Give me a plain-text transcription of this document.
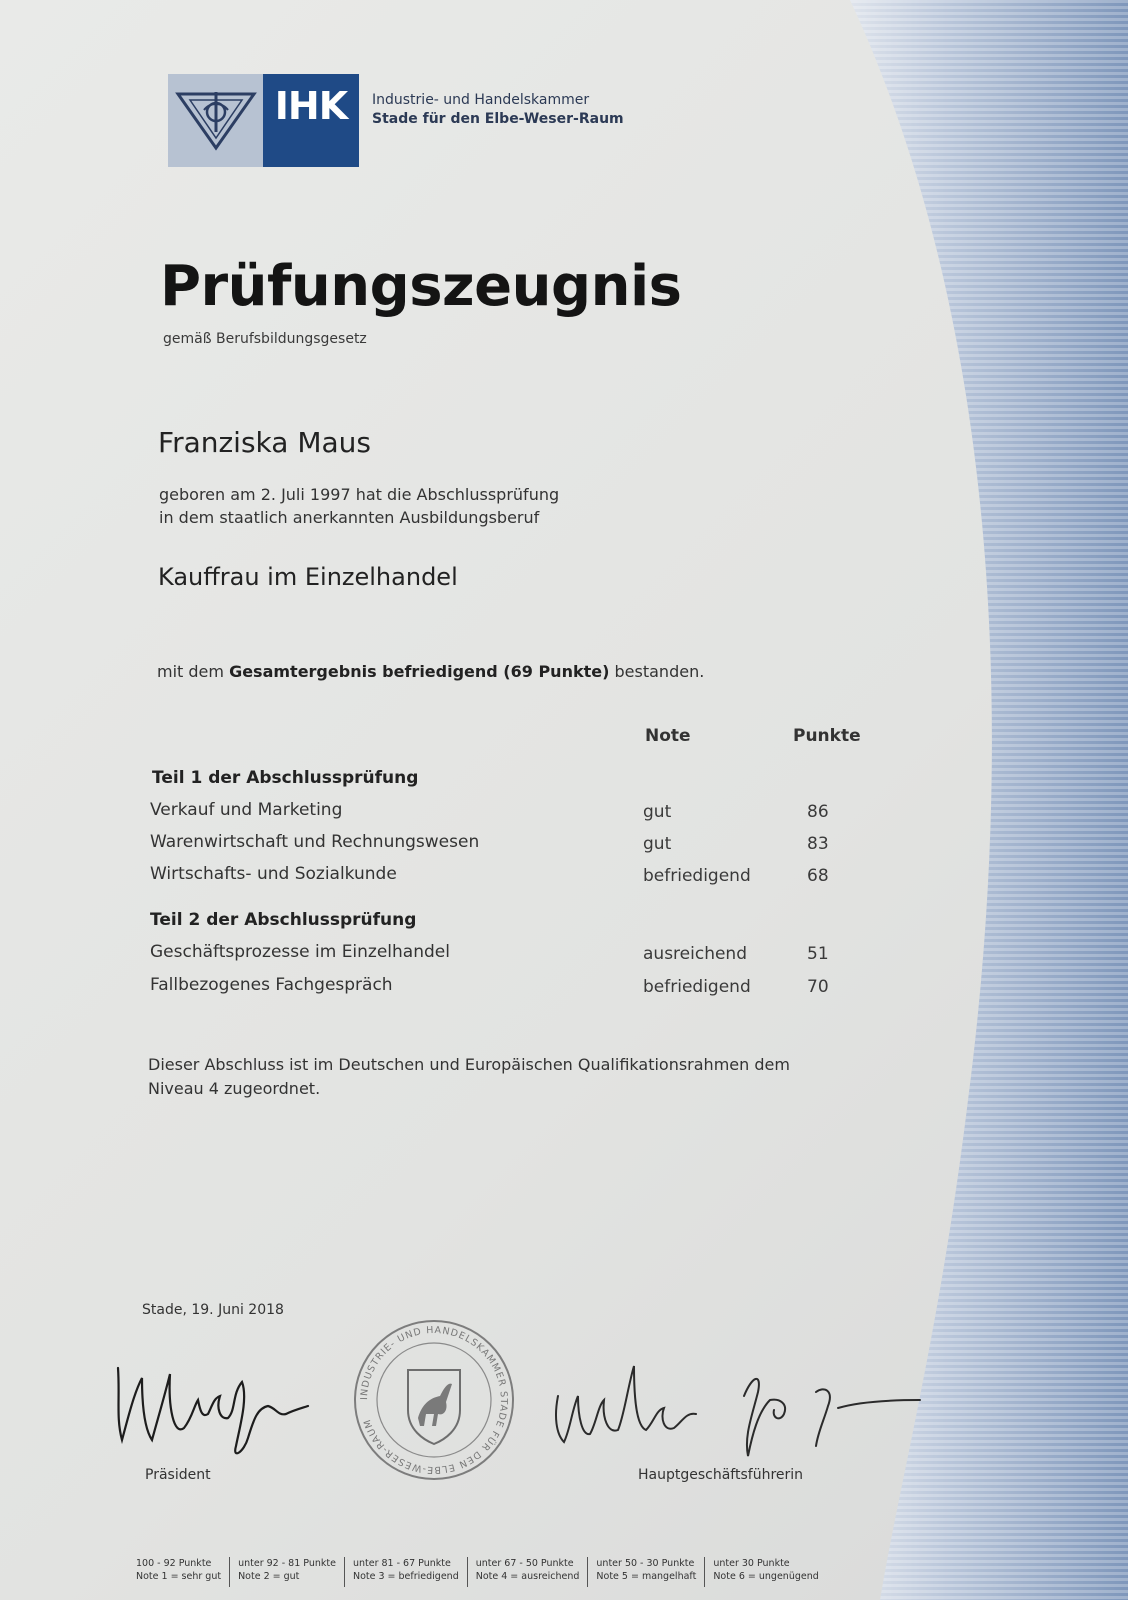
IHK	Industrie- und Handelskammer
Stade für den Elbe-Weser-Raum
Prüfungszeugnis
gemäß Berufsbildungsgesetz
Franziska Maus
geboren am 2. Juli 1997 hat die Abschlussprüfung
in dem staatlich anerkannten Ausbildungsberuf
Kauffrau im Einzelhandel
mit dem Gesamtergebnis befriedigend (69 Punkte) bestanden.
Note	Punkte
Teil 1 der Abschlussprüfung
Verkauf und Marketing	gut	86
Warenwirtschaft und Rechnungswesen	gut	83
Wirtschafts- und Sozialkunde	befriedigend	68
Teil 2 der Abschlussprüfung
Geschäftsprozesse im Einzelhandel	ausreichend	51
Fallbezogenes Fachgespräch	befriedigend	70
Dieser Abschluss ist im Deutschen und Europäischen Qualifikationsrahmen dem
Niveau 4 zugeordnet.
Stade, 19. Juni 2018
Präsident
INDUSTRIE- UND HANDELSKAMMER STADE FÜR DEN ELBE-WESER-RAUM
Hauptgeschäftsführerin
100 - 92 Punkte
Note 1 = sehr gut
unter 92 - 81 Punkte
Note 2 = gut
unter 81 - 67 Punkte
Note 3 = befriedigend
unter 67 - 50 Punkte
Note 4 = ausreichend
unter 50 - 30 Punkte
Note 5 = mangelhaft
unter 30 Punkte
Note 6 = ungenügend
